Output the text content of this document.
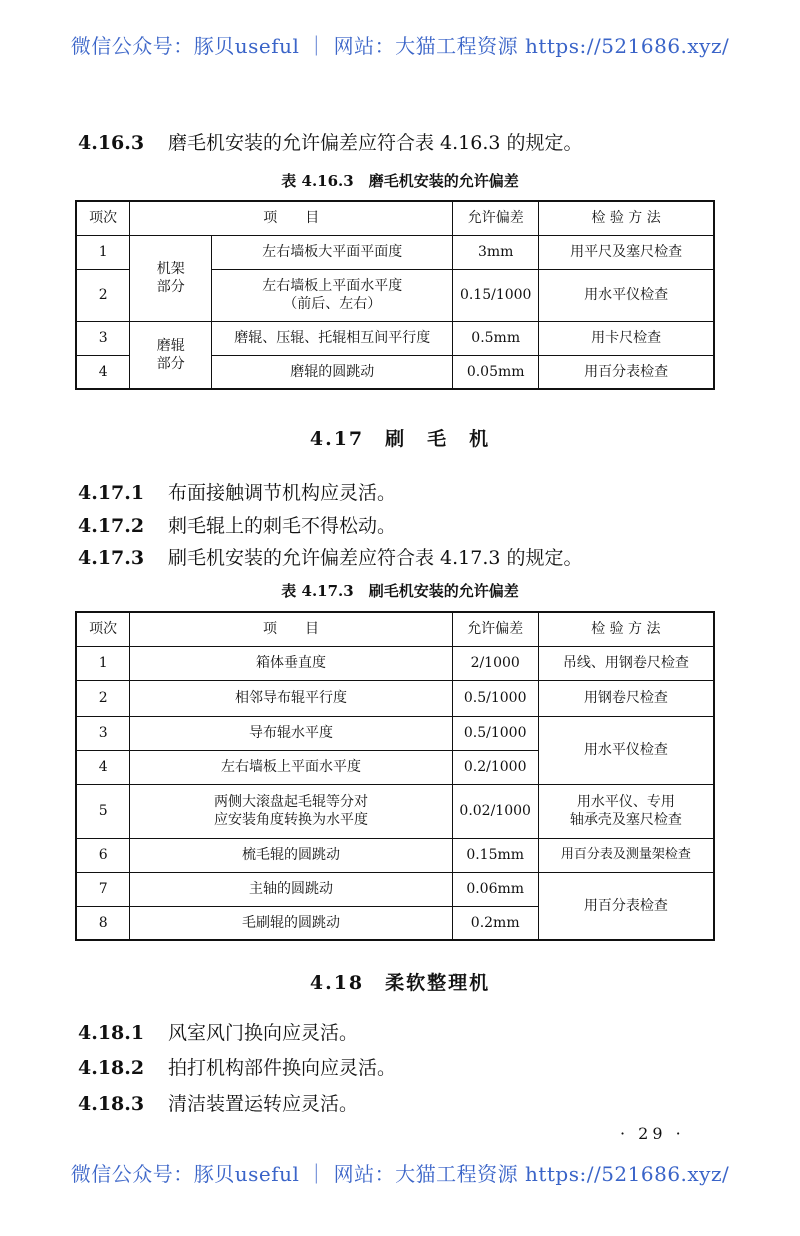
微信公众号：豚贝useful ｜ 网站：大猫工程资源 https://521686.xyz/
4.16.3 磨毛机安装的允许偏差应符合表 4.16.3 的规定。
表 4.16.3　磨毛机安装的允许偏差
项次	项　　目		允许偏差	检 验 方 法
1	机架部分	左右墙板大平面平面度	3mm	用平尺及塞尺检查
2		左右墙板上平面水平度
（前后、左右）	0.15/1000	用水平仪检查
3	磨辊部分	磨辊、压辊、托辊相互间平行度	0.5mm	用卡尺检查
4		磨辊的圆跳动	0.05mm	用百分表检查
4.17　刷　毛　机
4.17.1 布面接触调节机构应灵活。
4.17.2 刺毛辊上的刺毛不得松动。
4.17.3 刷毛机安装的允许偏差应符合表 4.17.3 的规定。
表 4.17.3　刷毛机安装的允许偏差
项次	项　　目	允许偏差	检 验 方 法
1	箱体垂直度	2/1000	吊线、用钢卷尺检查
2	相邻导布辊平行度	0.5/1000	用钢卷尺检查
3	导布辊水平度	0.5/1000	用水平仪检查
4	左右墙板上平面水平度	0.2/1000	
5	两侧大滚盘起毛辊等分对
应安装角度转换为水平度	0.02/1000	用水平仪、专用
轴承壳及塞尺检查
6	梳毛辊的圆跳动	0.15mm	用百分表及测量架检查
7	主轴的圆跳动	0.06mm	用百分表检查
8	毛刷辊的圆跳动	0.2mm	
4.18　柔软整理机
4.18.1 风室风门换向应灵活。
4.18.2 拍打机构部件换向应灵活。
4.18.3 清洁装置运转应灵活。
· 29 ·
微信公众号：豚贝useful ｜ 网站：大猫工程资源 https://521686.xyz/
